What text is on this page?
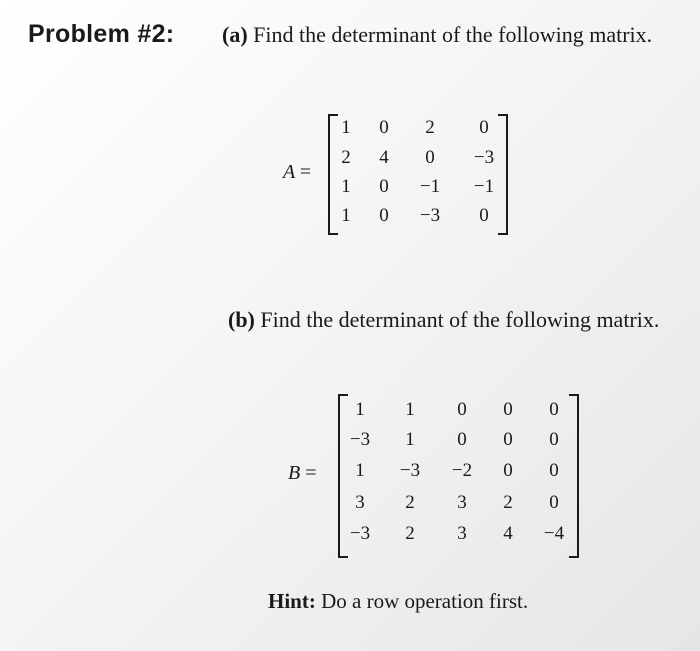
Problem #2: (a) Find the determinant of the following matrix.
A =
1	0	2	0
2	4	0	−3
1	0	−1	−1
1	0	−3	0
(b) Find the determinant of the following matrix.
B =
1	1	0	0	0
−3	1	0	0	0
1	−3	−2	0	0
3	2	3	2	0
−3	2	3	4	−4
Hint: Do a row operation first.
